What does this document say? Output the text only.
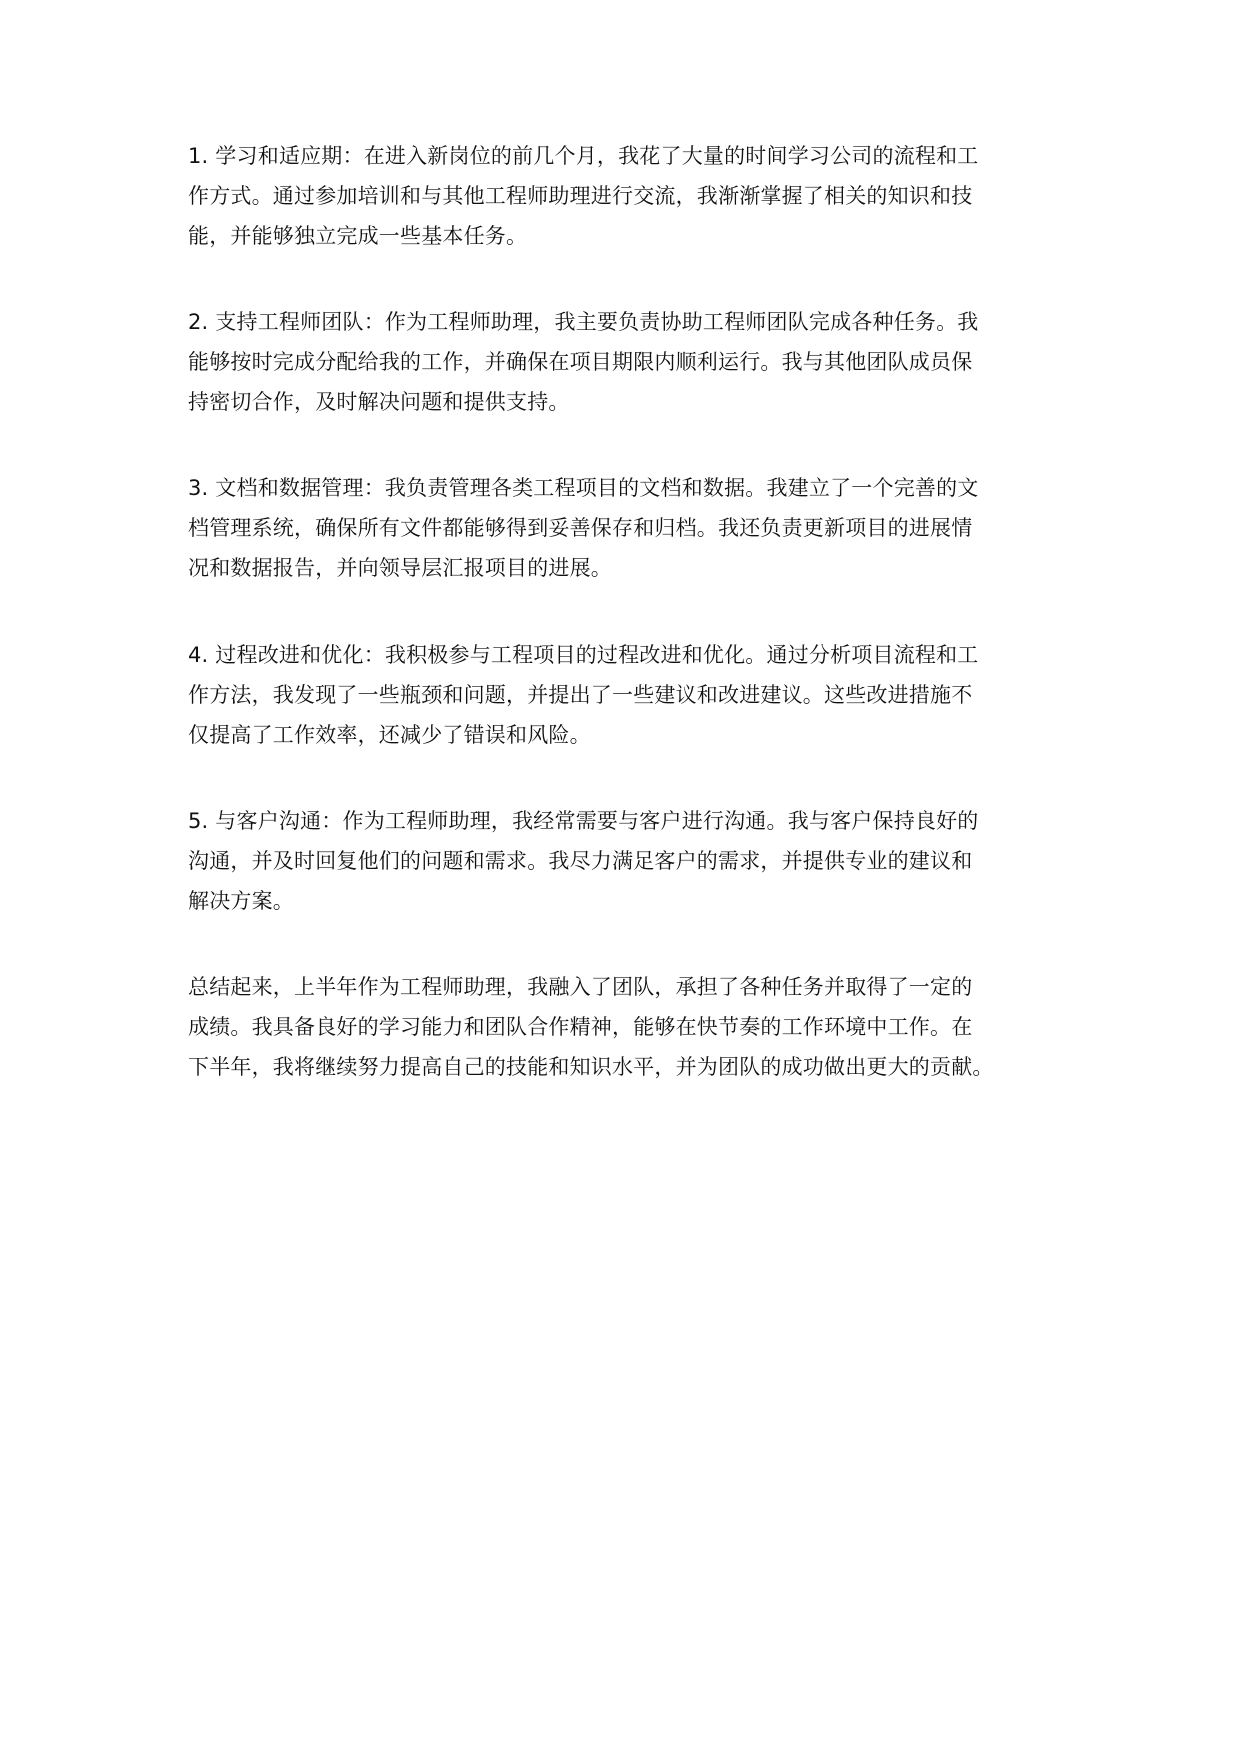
1. 学习和适应期：在进入新岗位的前几个月，我花了大量的时间学习公司的流程和工
作方式。通过参加培训和与其他工程师助理进行交流，我渐渐掌握了相关的知识和技
能，并能够独立完成一些基本任务。
2. 支持工程师团队：作为工程师助理，我主要负责协助工程师团队完成各种任务。我
能够按时完成分配给我的工作，并确保在项目期限内顺利运行。我与其他团队成员保
持密切合作，及时解决问题和提供支持。
3. 文档和数据管理：我负责管理各类工程项目的文档和数据。我建立了一个完善的文
档管理系统，确保所有文件都能够得到妥善保存和归档。我还负责更新项目的进展情
况和数据报告，并向领导层汇报项目的进展。
4. 过程改进和优化：我积极参与工程项目的过程改进和优化。通过分析项目流程和工
作方法，我发现了一些瓶颈和问题，并提出了一些建议和改进建议。这些改进措施不
仅提高了工作效率，还减少了错误和风险。
5. 与客户沟通：作为工程师助理，我经常需要与客户进行沟通。我与客户保持良好的
沟通，并及时回复他们的问题和需求。我尽力满足客户的需求，并提供专业的建议和
解决方案。
总结起来，上半年作为工程师助理，我融入了团队，承担了各种任务并取得了一定的
成绩。我具备良好的学习能力和团队合作精神，能够在快节奏的工作环境中工作。在
下半年，我将继续努力提高自己的技能和知识水平，并为团队的成功做出更大的贡献。
